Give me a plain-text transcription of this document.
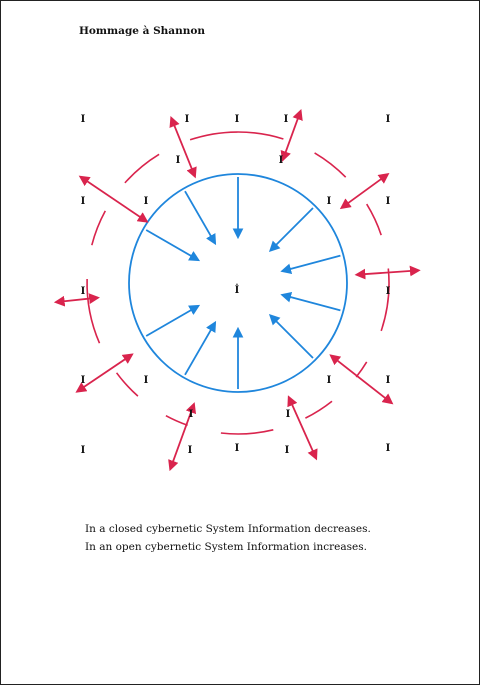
Hommage à Shannon
I	I	I	I	I
I	I
I	I	I	I
I	I
I	I	I	I
I	I
I	I	I	I	I
İ

In a closed cybernetic System Information decreases.

In an open cybernetic System Information increases.
